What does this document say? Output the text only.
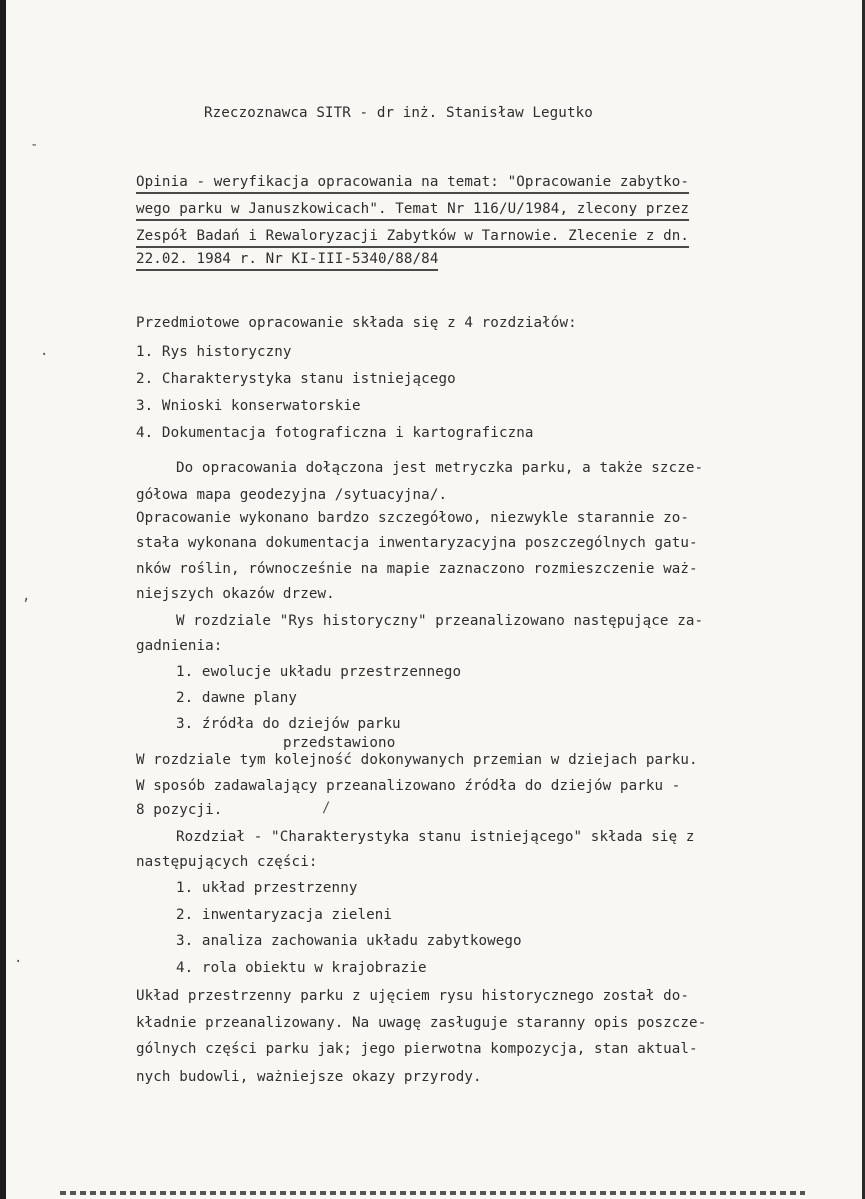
Rzeczoznawca SITR - dr inż. Stanisław Legutko
Opinia - weryfikacja opracowania na temat: "Opracowanie zabytko-
wego parku w Januszkowicach". Temat Nr 116/U/1984, zlecony przez
Zespół Badań i Rewaloryzacji Zabytków w Tarnowie. Zlecenie z dn.
22.02. 1984 r. Nr KI-III-5340/88/84
Przedmiotowe opracowanie składa się z 4 rozdziałów:
1. Rys historyczny
2. Charakterystyka stanu istniejącego
3. Wnioski konserwatorskie
4. Dokumentacja fotograficzna i kartograficzna
Do opracowania dołączona jest metryczka parku, a także szcze-
gółowa mapa geodezyjna /sytuacyjna/.
Opracowanie wykonano bardzo szczegółowo, niezwykle starannie zo-
stała wykonana dokumentacja inwentaryzacyjna poszczególnych gatu-
nków roślin, równocześnie na mapie zaznaczono rozmieszczenie waż-
niejszych okazów drzew.
W rozdziale "Rys historyczny" przeanalizowano następujące za-
gadnienia:
1. ewolucje układu przestrzennego
2. dawne plany
3. źródła do dziejów parku
przedstawiono
W rozdziale tym kolejność dokonywanych przemian w dziejach parku.
W sposób zadawalający przeanalizowano źródła do dziejów parku -
8 pozycji.
Rozdział - "Charakterystyka stanu istniejącego" składa się z
następujących części:
1. układ przestrzenny
2. inwentaryzacja zieleni
3. analiza zachowania układu zabytkowego
4. rola obiektu w krajobrazie
Układ przestrzenny parku z ujęciem rysu historycznego został do-
kładnie przeanalizowany. Na uwagę zasługuje staranny opis poszcze-
gólnych części parku jak; jego pierwotna kompozycja, stan aktual-
nych budowli, ważniejsze okazy przyrody.
-
.
,
.
/
